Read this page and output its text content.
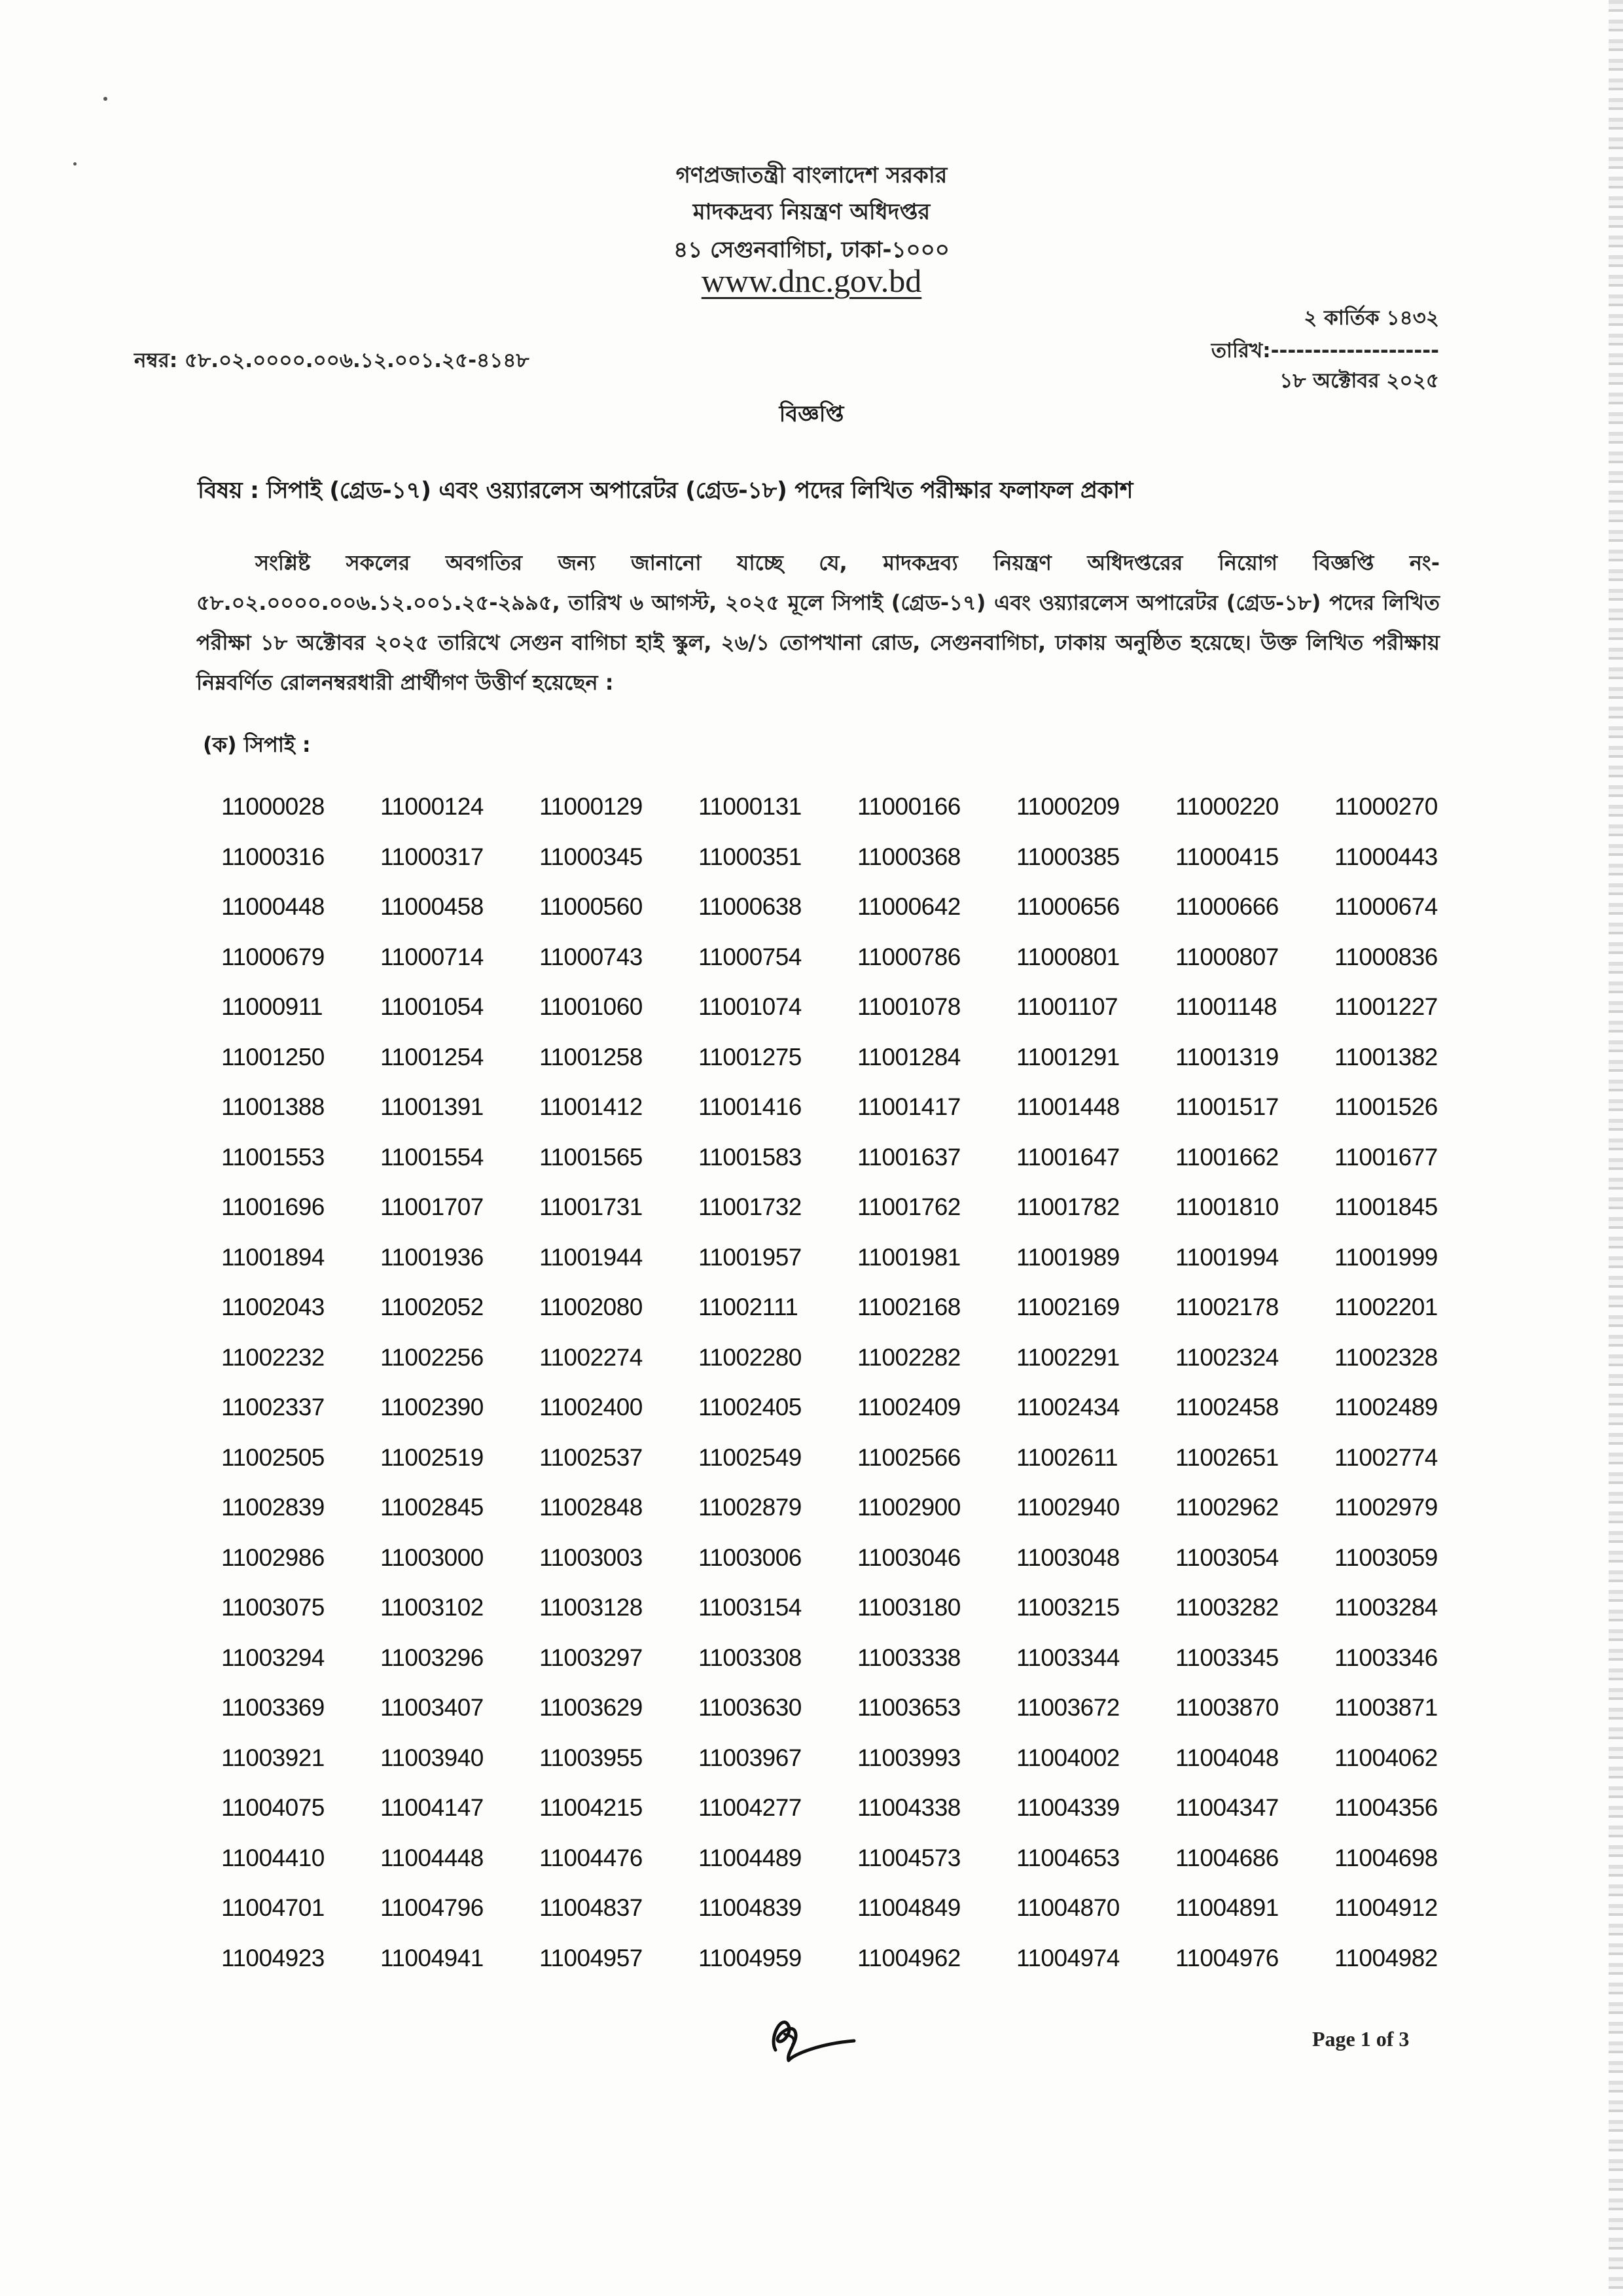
গণপ্রজাতন্ত্রী বাংলাদেশ সরকার
মাদকদ্রব্য নিয়ন্ত্রণ অধিদপ্তর
৪১ সেগুনবাগিচা, ঢাকা-১০০০
www.dnc.gov.bd
নম্বর: ৫৮.০২.০০০০.০০৬.১২.০০১.২৫-৪১৪৮
২ কার্তিক ১৪৩২
তারিখ:--------------------
১৮ অক্টোবর ২০২৫
বিজ্ঞপ্তি
বিষয় : সিপাই (গ্রেড-১৭) এবং ওয়্যারলেস অপারেটর (গ্রেড-১৮) পদের লিখিত পরীক্ষার ফলাফল প্রকাশ
সংশ্লিষ্ট সকলের অবগতির জন্য জানানো যাচ্ছে যে, মাদকদ্রব্য নিয়ন্ত্রণ অধিদপ্তরের নিয়োগ বিজ্ঞপ্তি নং- ৫৮.০২.০০০০.০০৬.১২.০০১.২৫-২৯৯৫, তারিখ ৬ আগস্ট, ২০২৫ মূলে সিপাই (গ্রেড-১৭) এবং ওয়্যারলেস অপারেটর (গ্রেড-১৮) পদের লিখিত পরীক্ষা ১৮ অক্টোবর ২০২৫ তারিখে সেগুন বাগিচা হাই স্কুল, ২৬/১ তোপখানা রোড, সেগুনবাগিচা, ঢাকায় অনুষ্ঠিত হয়েছে। উক্ত লিখিত পরীক্ষায় নিম্নবর্ণিত রোলনম্বরধারী প্রার্থীগণ উত্তীর্ণ হয়েছেন :
(ক) সিপাই :
11000028	11000124	11000129	11000131	11000166	11000209	11000220	11000270
11000316	11000317	11000345	11000351	11000368	11000385	11000415	11000443
11000448	11000458	11000560	11000638	11000642	11000656	11000666	11000674
11000679	11000714	11000743	11000754	11000786	11000801	11000807	11000836
11000911	11001054	11001060	11001074	11001078	11001107	11001148	11001227
11001250	11001254	11001258	11001275	11001284	11001291	11001319	11001382
11001388	11001391	11001412	11001416	11001417	11001448	11001517	11001526
11001553	11001554	11001565	11001583	11001637	11001647	11001662	11001677
11001696	11001707	11001731	11001732	11001762	11001782	11001810	11001845
11001894	11001936	11001944	11001957	11001981	11001989	11001994	11001999
11002043	11002052	11002080	11002111	11002168	11002169	11002178	11002201
11002232	11002256	11002274	11002280	11002282	11002291	11002324	11002328
11002337	11002390	11002400	11002405	11002409	11002434	11002458	11002489
11002505	11002519	11002537	11002549	11002566	11002611	11002651	11002774
11002839	11002845	11002848	11002879	11002900	11002940	11002962	11002979
11002986	11003000	11003003	11003006	11003046	11003048	11003054	11003059
11003075	11003102	11003128	11003154	11003180	11003215	11003282	11003284
11003294	11003296	11003297	11003308	11003338	11003344	11003345	11003346
11003369	11003407	11003629	11003630	11003653	11003672	11003870	11003871
11003921	11003940	11003955	11003967	11003993	11004002	11004048	11004062
11004075	11004147	11004215	11004277	11004338	11004339	11004347	11004356
11004410	11004448	11004476	11004489	11004573	11004653	11004686	11004698
11004701	11004796	11004837	11004839	11004849	11004870	11004891	11004912
11004923	11004941	11004957	11004959	11004962	11004974	11004976	11004982
Page 1 of 3
